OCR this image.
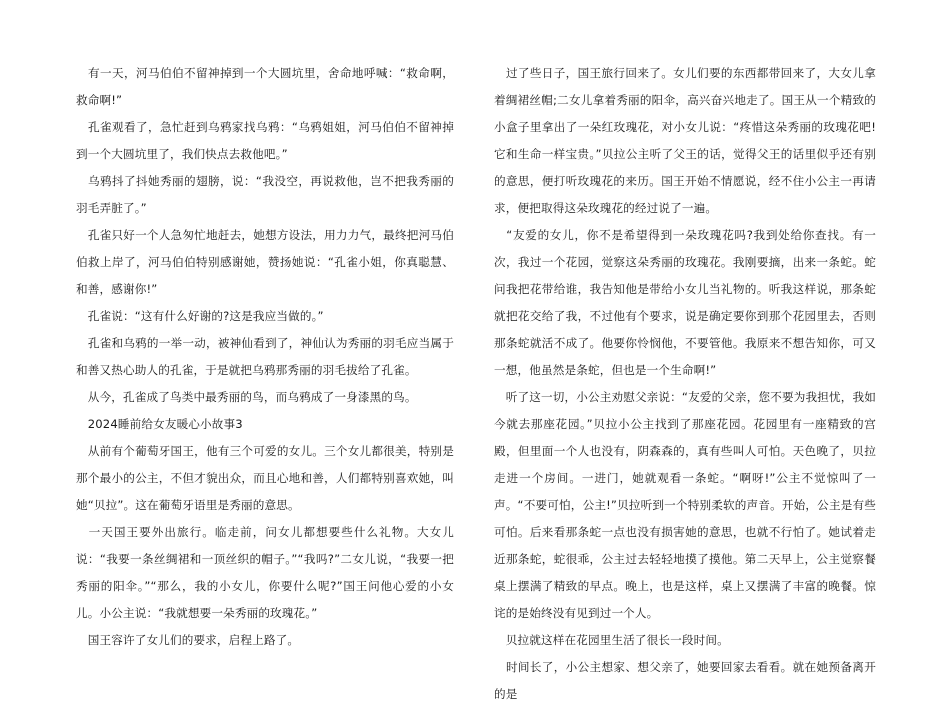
　有一天，河马伯伯不留神掉到一个大圆坑里，舍命地呼喊：“救命啊，救命啊!”

　孔雀观看了，急忙赶到乌鸦家找乌鸦：“乌鸦姐姐，河马伯伯不留神掉到一个大圆坑里了，我们快点去救他吧。”

　乌鸦抖了抖她秀丽的翅膀，说：“我没空，再说救他，岂不把我秀丽的羽毛弄脏了。”

　孔雀只好一个人急匆忙地赶去，她想方设法，用力力气，最终把河马伯伯救上岸了，河马伯伯特别感谢她，赞扬她说：“孔雀小姐，你真聪慧、和善，感谢你!”

　孔雀说：“这有什么好谢的?这是我应当做的。”

　孔雀和乌鸦的一举一动，被神仙看到了，神仙认为秀丽的羽毛应当属于和善又热心助人的孔雀，于是就把乌鸦那秀丽的羽毛拔给了孔雀。

　从今，孔雀成了鸟类中最秀丽的鸟，而乌鸦成了一身漆黑的鸟。

　2024睡前给女友暖心小故事3

　从前有个葡萄牙国王，他有三个可爱的女儿。三个女儿都很美，特别是那个最小的公主，不但才貌出众，而且心地和善，人们都特别喜欢她，叫她“贝拉”。这在葡萄牙语里是秀丽的意思。

　一天国王要外出旅行。临走前，问女儿都想要些什么礼物。大女儿说：“我要一条丝绸裙和一顶丝织的帽子。”“我吗?”二女儿说，“我要一把秀丽的阳伞。”“那么，我的小女儿，你要什么呢?”国王问他心爱的小女儿。小公主说：“我就想要一朵秀丽的玫瑰花。”

　国王容许了女儿们的要求，启程上路了。

　过了些日子，国王旅行回来了。女儿们要的东西都带回来了，大女儿拿着绸裙丝帽;二女儿拿着秀丽的阳伞，高兴奋兴地走了。国王从一个精致的小盒子里拿出了一朵红玫瑰花，对小女儿说：“疼惜这朵秀丽的玫瑰花吧!它和生命一样宝贵。”贝拉公主听了父王的话，觉得父王的话里似乎还有别的意思，便打听玫瑰花的来历。国王开始不情愿说，经不住小公主一再请求，便把取得这朵玫瑰花的经过说了一遍。

　“友爱的女儿，你不是希望得到一朵玫瑰花吗?我到处给你查找。有一次，我过一个花园，觉察这朵秀丽的玫瑰花。我刚要摘，出来一条蛇。蛇问我把花带给谁，我告知他是带给小女儿当礼物的。听我这样说，那条蛇就把花交给了我，不过他有个要求，说是确定要你到那个花园里去，否则那条蛇就活不成了。他要你怜悯他，不要管他。我原来不想告知你，可又一想，他虽然是条蛇，但也是一个生命啊!”

　听了这一切，小公主劝慰父亲说：“友爱的父亲，您不要为我担忧，我如今就去那座花园。”贝拉小公主找到了那座花园。花园里有一座精致的宫殿，但里面一个人也没有，阴森森的，真有些叫人可怕。天色晚了，贝拉走进一个房间。一进门，她就观看一条蛇。“啊呀!”公主不觉惊叫了一声。“不要可怕，公主!”贝拉听到一个特别柔软的声音。开始，公主是有些可怕。后来看那条蛇一点也没有损害她的意思，也就不行怕了。她试着走近那条蛇，蛇很乖，公主过去轻轻地摸了摸他。第二天早上，公主觉察餐桌上摆满了精致的早点。晚上，也是这样，桌上又摆满了丰富的晚餐。惊诧的是始终没有见到过一个人。

　贝拉就这样在花园里生活了很长一段时间。

　时间长了，小公主想家、想父亲了，她要回家去看看。就在她预备离开的是
